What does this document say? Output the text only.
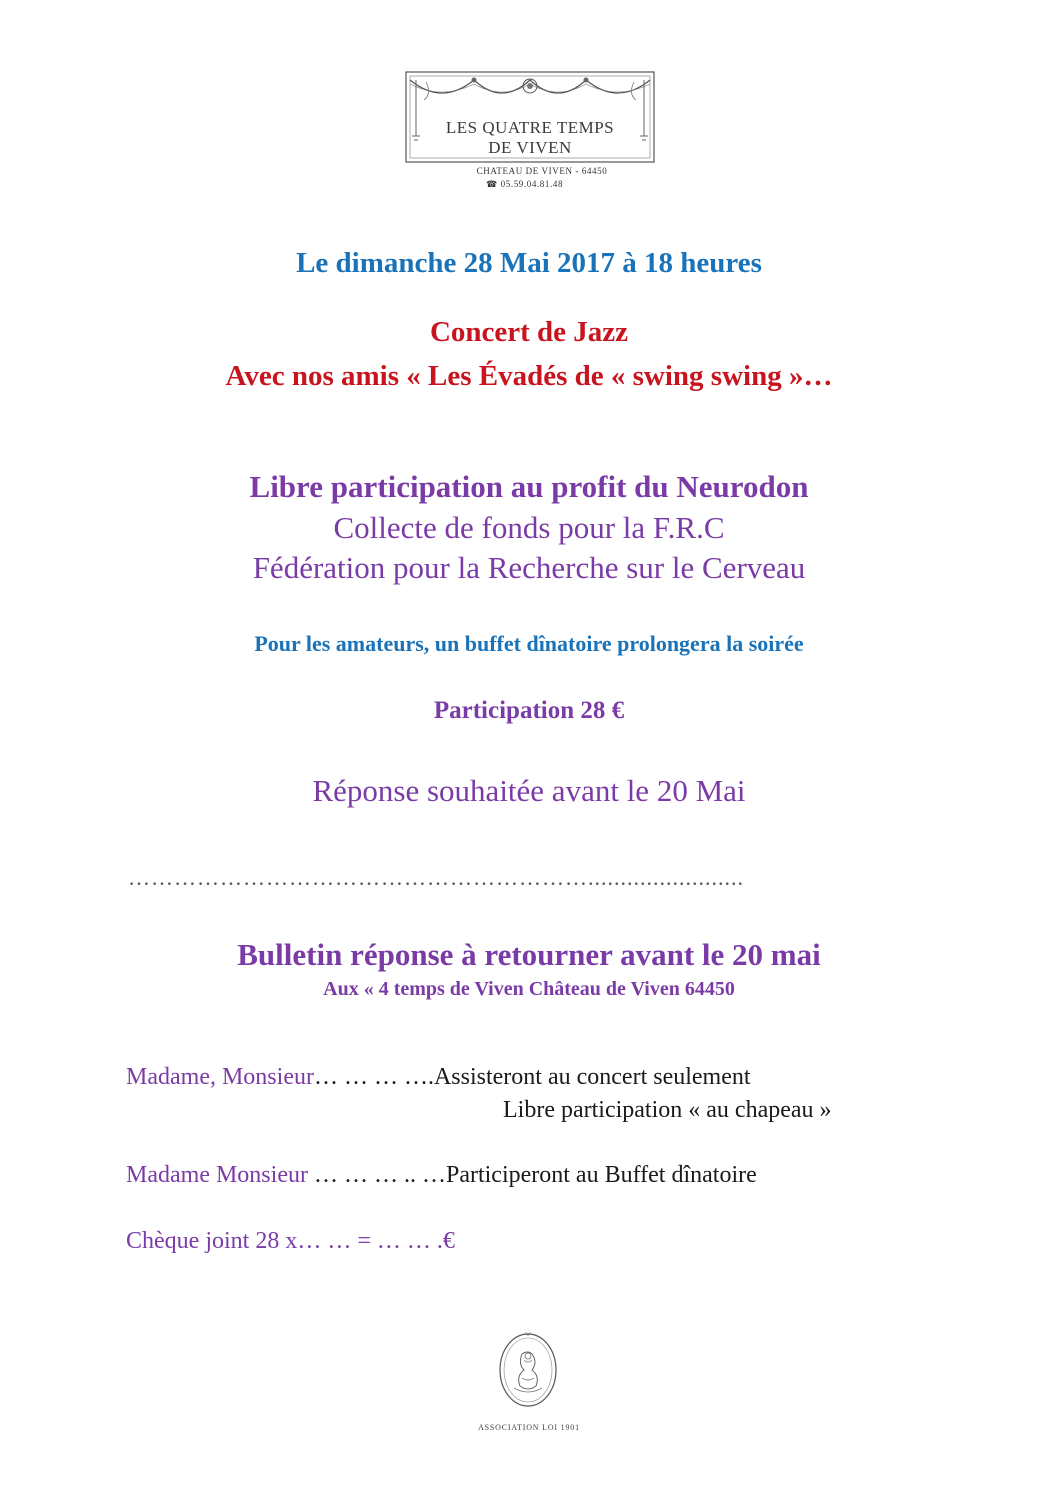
LES QUATRE TEMPS
DE VIVEN
CHATEAU DE VIVEN - 64450
☎ 05.59.04.81.48
Le dimanche 28 Mai 2017 à 18 heures
Concert de Jazz
Avec nos amis « Les Évadés de « swing swing »…
Libre participation au profit du Neurodon
Collecte de fonds pour la F.R.C
Fédération pour la Recherche sur le Cerveau
Pour les amateurs, un buffet dînatoire prolongera la soirée
Participation 28 €
Réponse souhaitée avant le 20 Mai
……………………………………………………........................
Bulletin réponse à retourner avant le 20 mai
Aux « 4 temps de Viven Château de Viven 64450
Madame, Monsieur… … … ….Assisteront au concert seulement
Libre participation « au chapeau »
Madame Monsieur … … … .. …Participeront au Buffet dînatoire
Chèque joint 28 x… … = … … .€
ASSOCIATION LOI 1901
